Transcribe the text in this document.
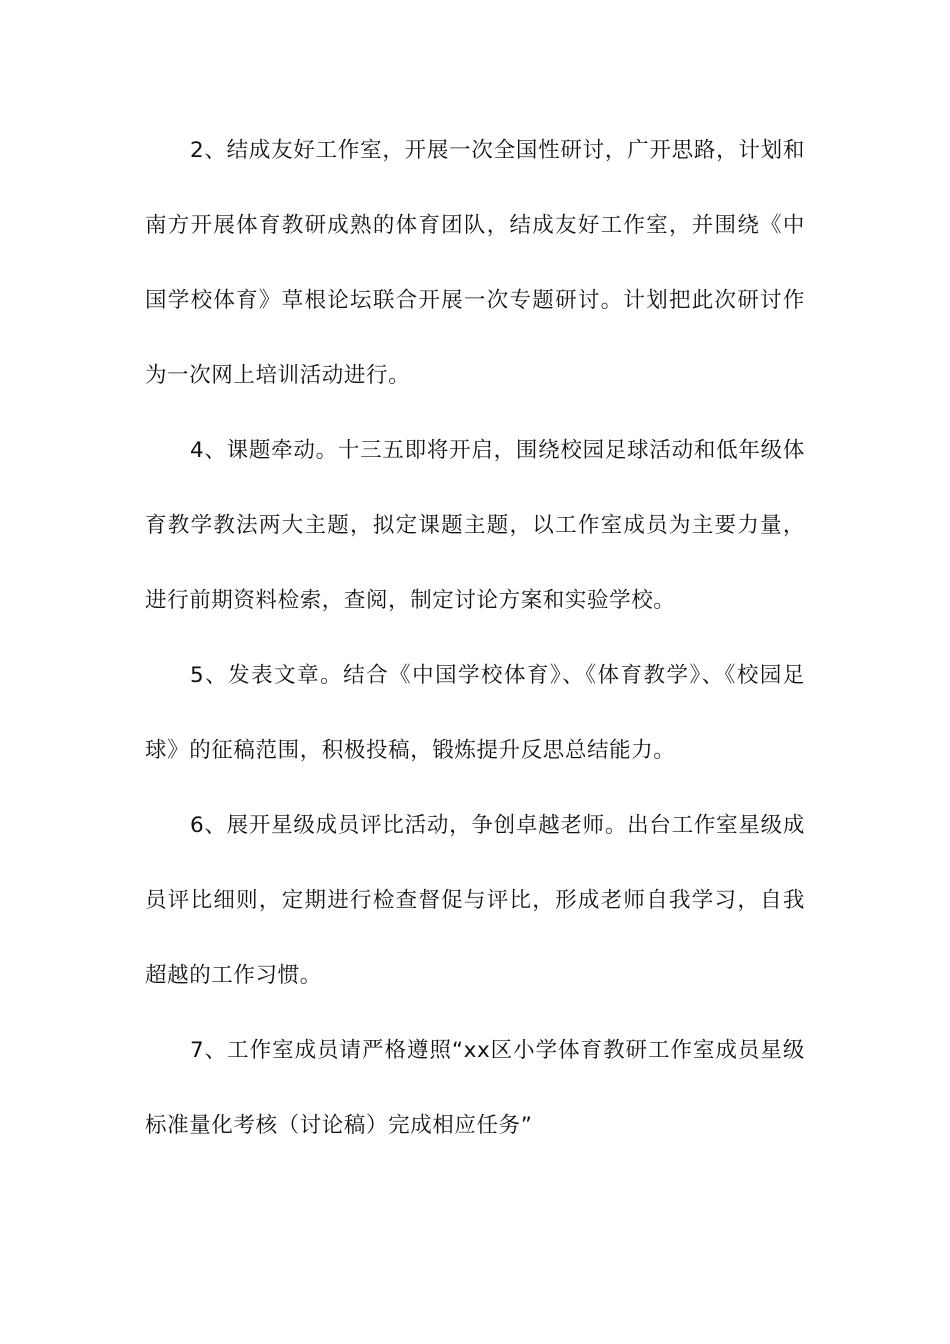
2、结成友好工作室，开展一次全国性研讨，广开思路，计划和南方开展体育教研成熟的体育团队，结成友好工作室，并围绕《中国学校体育》草根论坛联合开展一次专题研讨。计划把此次研讨作为一次网上培训活动进行。

4、课题牵动。十三五即将开启，围绕校园足球活动和低年级体育教学教法两大主题，拟定课题主题，以工作室成员为主要力量，进行前期资料检索，查阅，制定讨论方案和实验学校。

5、发表文章。结合《中国学校体育》、《体育教学》、《校园足球》的征稿范围，积极投稿，锻炼提升反思总结能力。

6、展开星级成员评比活动，争创卓越老师。出台工作室星级成员评比细则，定期进行检查督促与评比，形成老师自我学习，自我超越的工作习惯。

7、工作室成员请严格遵照“xx区小学体育教研工作室成员星级标准量化考核（讨论稿）完成相应任务”
